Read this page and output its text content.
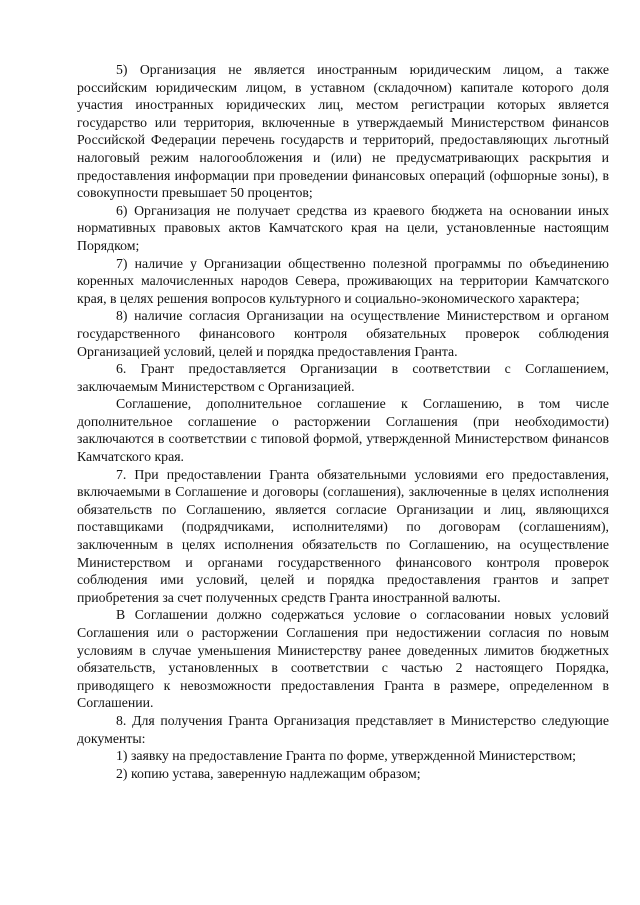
5) Организация не является иностранным юридическим лицом, а также российским юридическим лицом, в уставном (складочном) капитале которого доля участия иностранных юридических лиц, местом регистрации которых является государство или территория, включенные в утверждаемый Министерством финансов Российской Федерации перечень государств и территорий, предоставляющих льготный налоговый режим налогообложения и (или) не предусматривающих раскрытия и предоставления информации при проведении финансовых операций (офшорные зоны), в совокупности превышает 50 процентов;

6) Организация не получает средства из краевого бюджета на основании иных нормативных правовых актов Камчатского края на цели, установленные настоящим Порядком;

7) наличие у Организации общественно полезной программы по объединению коренных малочисленных народов Севера, проживающих на территории Камчатского края, в целях решения вопросов культурного и социально-экономического характера;

8) наличие согласия Организации на осуществление Министерством и органом государственного финансового контроля обязательных проверок соблюдения Организацией условий, целей и порядка предоставления Гранта.

6. Грант предоставляется Организации в соответствии с Соглашением, заключаемым Министерством с Организацией.

Соглашение, дополнительное соглашение к Соглашению, в том числе дополнительное соглашение о расторжении Соглашения (при необходимости) заключаются в соответствии с типовой формой, утвержденной Министерством финансов Камчатского края.

7. При предоставлении Гранта обязательными условиями его предоставления, включаемыми в Соглашение и договоры (соглашения), заключенные в целях исполнения обязательств по Соглашению, является согласие Организации и лиц, являющихся поставщиками (подрядчиками, исполнителями) по договорам (соглашениям), заключенным в целях исполнения обязательств по Соглашению, на осуществление Министерством и органами государственного финансового контроля проверок соблюдения ими условий, целей и порядка предоставления грантов и запрет приобретения за счет полученных средств Гранта иностранной валюты.

В Соглашении должно содержаться условие о согласовании новых условий Соглашения или о расторжении Соглашения при недостижении согласия по новым условиям в случае уменьшения Министерству ранее доведенных лимитов бюджетных обязательств, установленных в соответствии с частью 2 настоящего Порядка, приводящего к невозможности предоставления Гранта в размере, определенном в Соглашении.

8. Для получения Гранта Организация представляет в Министерство следующие документы:

1) заявку на предоставление Гранта по форме, утвержденной Министерством;

2) копию устава, заверенную надлежащим образом;
